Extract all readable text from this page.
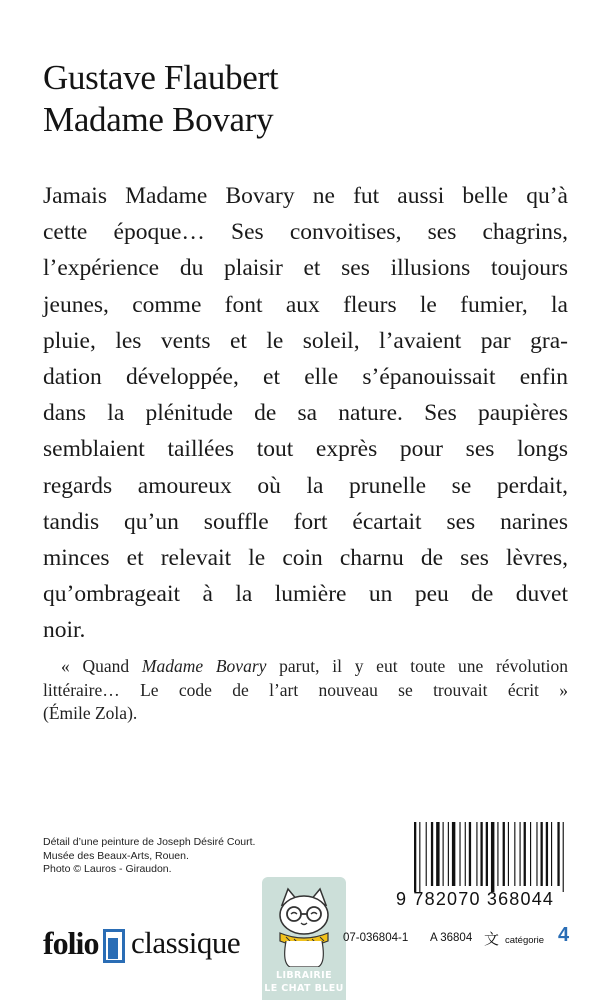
Gustave Flaubert
Madame Bovary
Jamais Madame Bovary ne fut aussi belle qu’à
cette époque… Ses convoitises, ses chagrins,
l’expérience du plaisir et ses illusions toujours
jeunes, comme font aux fleurs le fumier, la
pluie, les vents et le soleil, l’avaient par gra-
dation développée, et elle s’épanouissait enfin
dans la plénitude de sa nature. Ses paupières
semblaient taillées tout exprès pour ses longs
regards amoureux où la prunelle se perdait,
tandis qu’un souffle fort écartait ses narines
minces et relevait le coin charnu de ses lèvres,
qu’ombrageait à la lumière un peu de duvet
noir.
« Quand Madame Bovary parut, il y eut toute une révolution
littéraire… Le code de l’art nouveau se trouvait écrit »
(Émile Zola).
Détail d’une peinture de Joseph Désiré Court.
Musée des Beaux-Arts, Rouen.
Photo © Lauros - Giraudon.
9 782070 368044
folio classique
LIBRAIRIE
LE CHAT BLEU
07-036804-1 A 36804 文 catégorie 4
